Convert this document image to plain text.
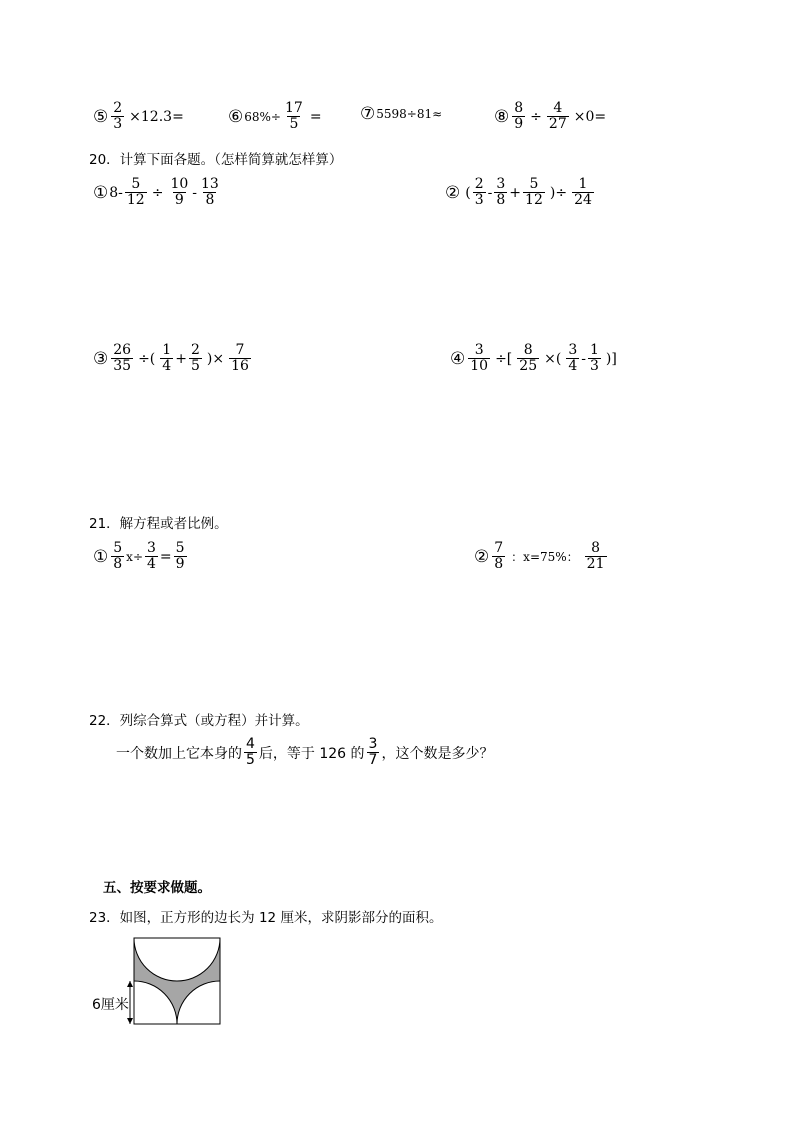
⑤ $\frac{2}{3} \times 12.3=$	⑥ $68\%\div \frac{17}{5}$ = ⑦ 5598÷81≈	⑧ $\frac{8}{9} \div \frac{4}{27} \times 0=$
20．计算下面各题。（怎样简算就怎样算）
① $8- \frac{5}{12} \div \frac{10}{9} - \frac{13}{8}$	② ( $\frac{2}{3} - \frac{3}{8} + \frac{5}{12}$ )÷ $\frac{1}{24}$
③ $\frac{26}{35}$ ÷( $\frac{1}{4} + \frac{2}{5}$ )× $\frac{7}{16}$	④ $\frac{3}{10}$ ÷[ $\frac{8}{25}$ ×( $\frac{3}{4} - \frac{1}{3}$ )]
21．解方程或者比例。
① $\frac{5}{8} x\div \frac{3}{4} = \frac{5}{9}$	② $\frac{7}{8}$ ：x=75%： $\frac{8}{21}$
22．列综合算式（或方程）并计算。
一个数加上它本身的 $\frac{4}{5}$ 后，等于 126 的 $\frac{3}{7}$ ，这个数是多少？
五、按要求做题。
23．如图，正方形的边长为 12 厘米，求阴影部分的面积。
6厘米
